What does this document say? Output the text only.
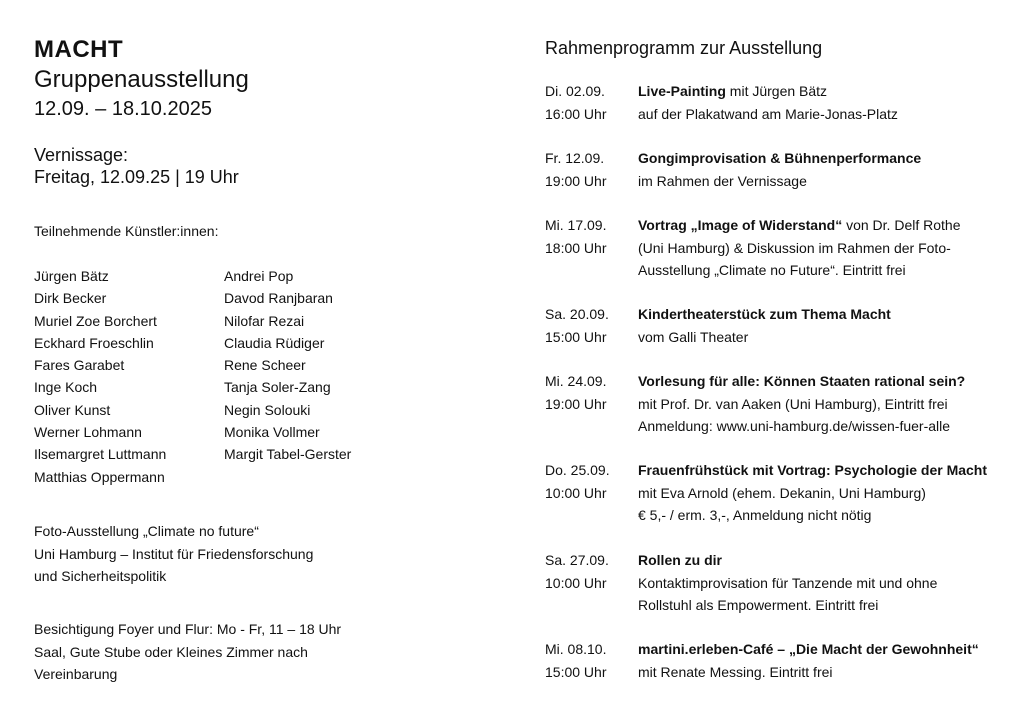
MACHT
Gruppenausstellung
12.09. – 18.10.2025
Vernissage:
Freitag, 12.09.25 | 19 Uhr
Teilnehmende Künstler:innen:
Jürgen Bätz
Dirk Becker
Muriel Zoe Borchert
Eckhard Froeschlin
Fares Garabet
Inge Koch
Oliver Kunst
Werner Lohmann
Ilsemargret Luttmann
Matthias Oppermann
Andrei Pop
Davod Ranjbaran
Nilofar Rezai
Claudia Rüdiger
Rene Scheer
Tanja Soler-Zang
Negin Solouki
Monika Vollmer
Margit Tabel-Gerster
Foto-Ausstellung „Climate no future“
Uni Hamburg – Institut für Friedensforschung
und Sicherheitspolitik
Besichtigung Foyer und Flur: Mo - Fr, 11 – 18 Uhr
Saal, Gute Stube oder Kleines Zimmer nach
Vereinbarung
Rahmenprogramm zur Ausstellung
Di. 02.09.
16:00 Uhr
Live-Painting mit Jürgen Bätz
auf der Plakatwand am Marie-Jonas-Platz
Fr. 12.09.
19:00 Uhr
Gongimprovisation & Bühnenperformance
im Rahmen der Vernissage
Mi. 17.09.
18:00 Uhr
Vortrag „Image of Widerstand“ von Dr. Delf Rothe
(Uni Hamburg) & Diskussion im Rahmen der Foto-
Ausstellung „Climate no Future“. Eintritt frei
Sa. 20.09.
15:00 Uhr
Kindertheaterstück zum Thema Macht
vom Galli Theater
Mi. 24.09.
19:00 Uhr
Vorlesung für alle: Können Staaten rational sein?
mit Prof. Dr. van Aaken (Uni Hamburg), Eintritt frei
Anmeldung: www.uni-hamburg.de/wissen-fuer-alle
Do. 25.09.
10:00 Uhr
Frauenfrühstück mit Vortrag: Psychologie der Macht
mit Eva Arnold (ehem. Dekanin, Uni Hamburg)
€ 5,- / erm. 3,-, Anmeldung nicht nötig
Sa. 27.09.
10:00 Uhr
Rollen zu dir
Kontaktimprovisation für Tanzende mit und ohne
Rollstuhl als Empowerment. Eintritt frei
Mi. 08.10.
15:00 Uhr
martini.erleben-Café – „Die Macht der Gewohnheit“
mit Renate Messing. Eintritt frei
